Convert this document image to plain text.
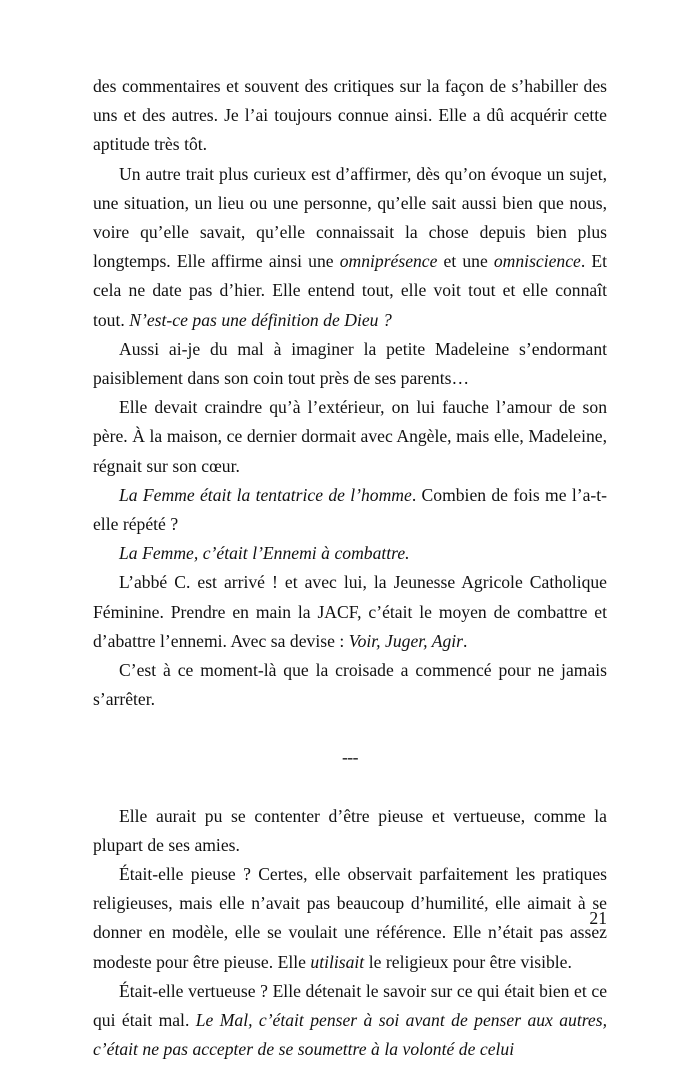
des commentaires et souvent des critiques sur la façon de s’habiller des uns et des autres. Je l’ai toujours connue ainsi. Elle a dû acquérir cette aptitude très tôt.

Un autre trait plus curieux est d’affirmer, dès qu’on évoque un sujet, une situation, un lieu ou une personne, qu’elle sait aussi bien que nous, voire qu’elle savait, qu’elle connaissait la chose depuis bien plus longtemps. Elle affirme ainsi une omniprésence et une omniscience. Et cela ne date pas d’hier. Elle entend tout, elle voit tout et elle connaît tout. N’est-ce pas une définition de Dieu ?

Aussi ai-je du mal à imaginer la petite Madeleine s’endormant paisiblement dans son coin tout près de ses parents…

Elle devait craindre qu’à l’extérieur, on lui fauche l’amour de son père. À la maison, ce dernier dormait avec Angèle, mais elle, Madeleine, régnait sur son cœur.

La Femme était la tentatrice de l’homme. Combien de fois me l’a-t-elle répété ?

La Femme, c’était l’Ennemi à combattre.

L’abbé C. est arrivé ! et avec lui, la Jeunesse Agricole Catholique Féminine. Prendre en main la JACF, c’était le moyen de combattre et d’abattre l’ennemi. Avec sa devise : Voir, Juger, Agir.

C’est à ce moment-là que la croisade a commencé pour ne jamais s’arrêter.

---

Elle aurait pu se contenter d’être pieuse et vertueuse, comme la plupart de ses amies.

Était-elle pieuse ? Certes, elle observait parfaitement les pratiques religieuses, mais elle n’avait pas beaucoup d’humilité, elle aimait à se donner en modèle, elle se voulait une référence. Elle n’était pas assez modeste pour être pieuse. Elle utilisait le religieux pour être visible.

Était-elle vertueuse ? Elle détenait le savoir sur ce qui était bien et ce qui était mal. Le Mal, c’était penser à soi avant de penser aux autres, c’était ne pas accepter de se soumettre à la volonté de celui

21
